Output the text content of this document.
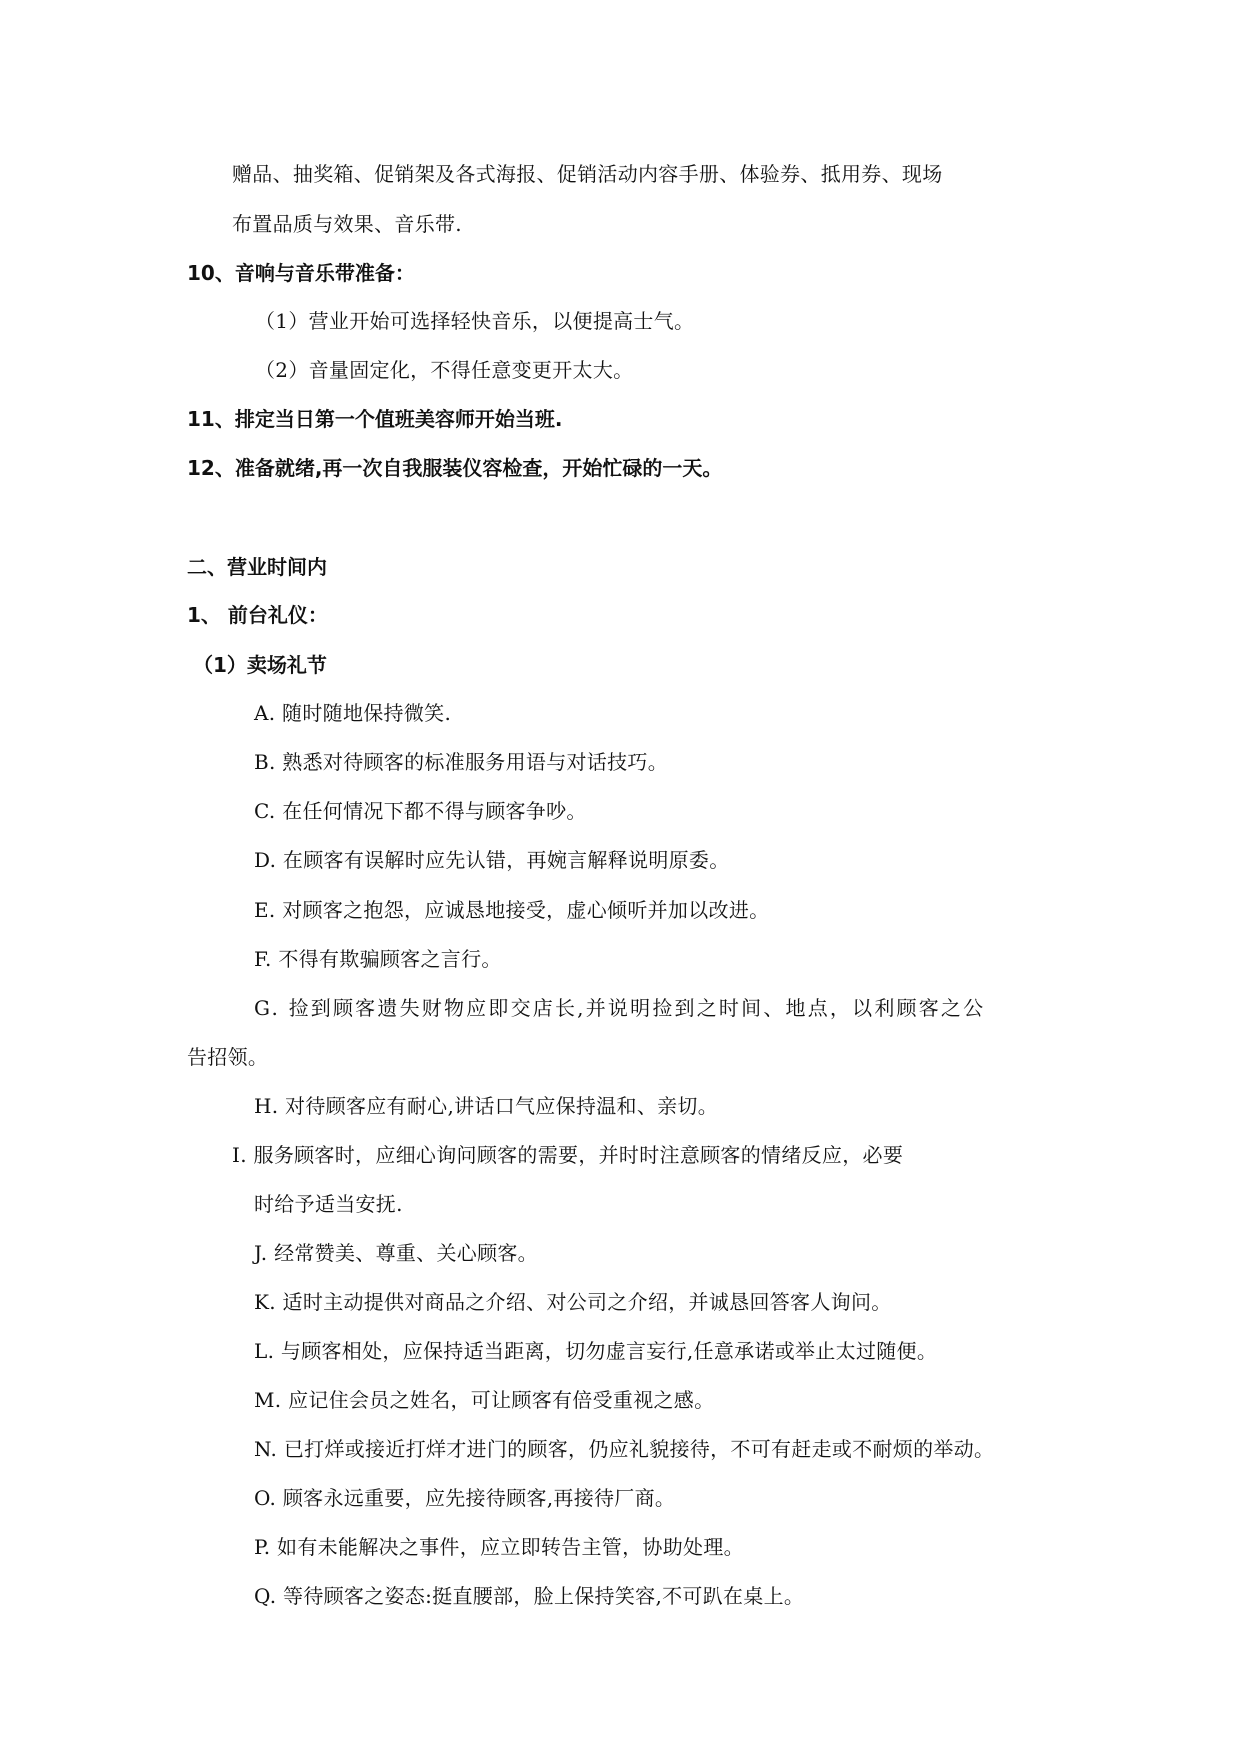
赠品、抽奖箱、促销架及各式海报、促销活动内容手册、体验券、抵用券、现场
布置品质与效果、音乐带.
10、音响与音乐带准备：
（1）营业开始可选择轻快音乐，以便提高士气。
（2）音量固定化，不得任意变更开太大。
11、排定当日第一个值班美容师开始当班.
12、准备就绪,再一次自我服装仪容检查，开始忙碌的一天。
二、营业时间内
1、 前台礼仪：
（1）卖场礼节
A. 随时随地保持微笑.
B. 熟悉对待顾客的标准服务用语与对话技巧。
C. 在任何情况下都不得与顾客争吵。
D. 在顾客有误解时应先认错，再婉言解释说明原委。
E. 对顾客之抱怨，应诚恳地接受，虚心倾听并加以改进。
F. 不得有欺骗顾客之言行。
G. 捡到顾客遗失财物应即交店长,并说明捡到之时间、地点，以利顾客之公
告招领。
H. 对待顾客应有耐心,讲话口气应保持温和、亲切。
I. 服务顾客时，应细心询问顾客的需要，并时时注意顾客的情绪反应，必要
时给予适当安抚.
J. 经常赞美、尊重、关心顾客。
K. 适时主动提供对商品之介绍、对公司之介绍，并诚恳回答客人询问。
L. 与顾客相处，应保持适当距离，切勿虚言妄行,任意承诺或举止太过随便。
M. 应记住会员之姓名，可让顾客有倍受重视之感。
N. 已打烊或接近打烊才进门的顾客，仍应礼貌接待，不可有赶走或不耐烦的举动。
O. 顾客永远重要，应先接待顾客,再接待厂商。
P. 如有未能解决之事件，应立即转告主管，协助处理。
Q. 等待顾客之姿态:挺直腰部，脸上保持笑容,不可趴在桌上。
